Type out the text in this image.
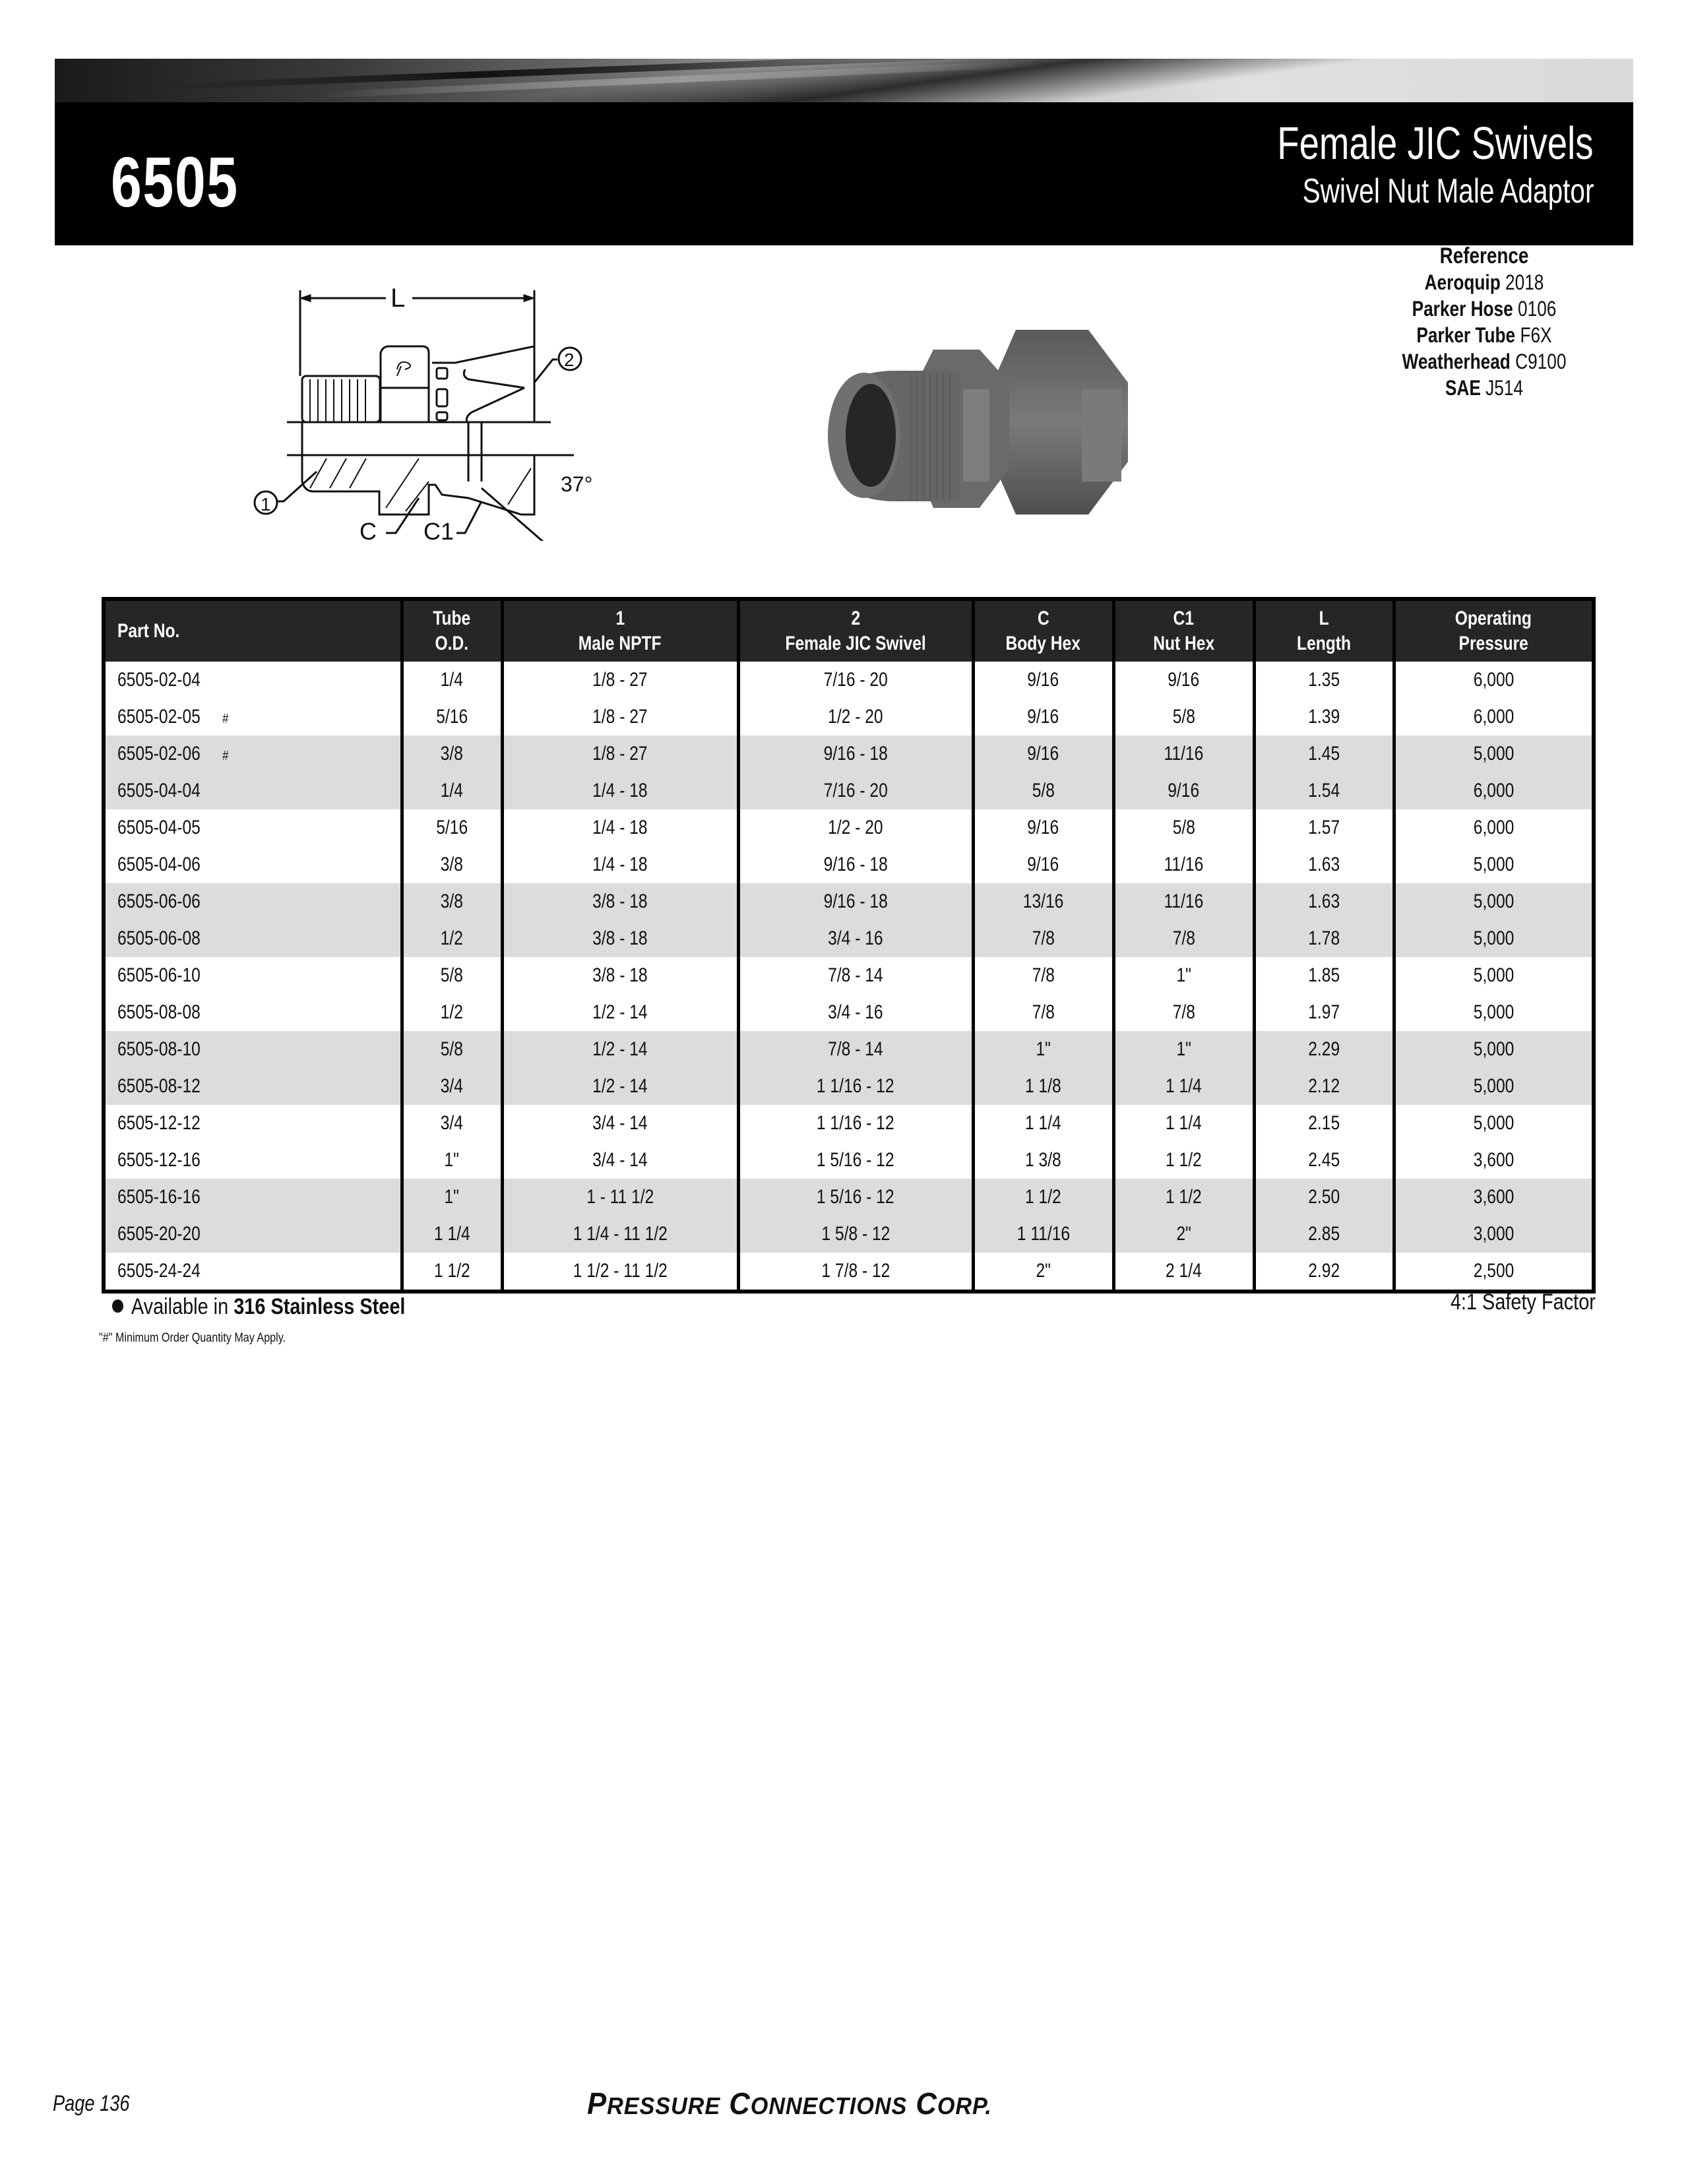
6505	Female JIC Swivels
Swivel Nut Male Adaptor
Reference
Aeroquip 2018
Parker Hose 0106
Parker Tube F6X
Weatherhead C9100
SAE J514
L
1
2
C C1
37°
Part No.	Tube
O.D.	1
Male NPTF	2
Female JIC Swivel	C
Body Hex	C1
Nut Hex	L
Length	Operating
Pressure
6505-02-04	1/4	1/8 - 27	7/16 - 20	9/16	9/16	1.35	6,000
6505-02-05 #	5/16	1/8 - 27	1/2 - 20	9/16	5/8	1.39	6,000
6505-02-06 #	3/8	1/8 - 27	9/16 - 18	9/16	11/16	1.45	5,000
6505-04-04	1/4	1/4 - 18	7/16 - 20	5/8	9/16	1.54	6,000
6505-04-05	5/16	1/4 - 18	1/2 - 20	9/16	5/8	1.57	6,000
6505-04-06	3/8	1/4 - 18	9/16 - 18	9/16	11/16	1.63	5,000
6505-06-06	3/8	3/8 - 18	9/16 - 18	13/16	11/16	1.63	5,000
6505-06-08	1/2	3/8 - 18	3/4 - 16	7/8	7/8	1.78	5,000
6505-06-10	5/8	3/8 - 18	7/8 - 14	7/8	1"	1.85	5,000
6505-08-08	1/2	1/2 - 14	3/4 - 16	7/8	7/8	1.97	5,000
6505-08-10	5/8	1/2 - 14	7/8 - 14	1"	1"	2.29	5,000
6505-08-12	3/4	1/2 - 14	1 1/16 - 12	1 1/8	1 1/4	2.12	5,000
6505-12-12	3/4	3/4 - 14	1 1/16 - 12	1 1/4	1 1/4	2.15	5,000
6505-12-16	1"	3/4 - 14	1 5/16 - 12	1 3/8	1 1/2	2.45	3,600
6505-16-16	1"	1 - 11 1/2	1 5/16 - 12	1 1/2	1 1/2	2.50	3,600
6505-20-20	1 1/4	1 1/4 - 11 1/2	1 5/8 - 12	1 11/16	2"	2.85	3,000
6505-24-24	1 1/2	1 1/2 - 11 1/2	1 7/8 - 12	2"	2 1/4	2.92	2,500
Available in 316 Stainless Steel
"#" Minimum Order Quantity May Apply.
4:1 Safety Factor
Page 136	PRESSURE CONNECTIONS CORP.
